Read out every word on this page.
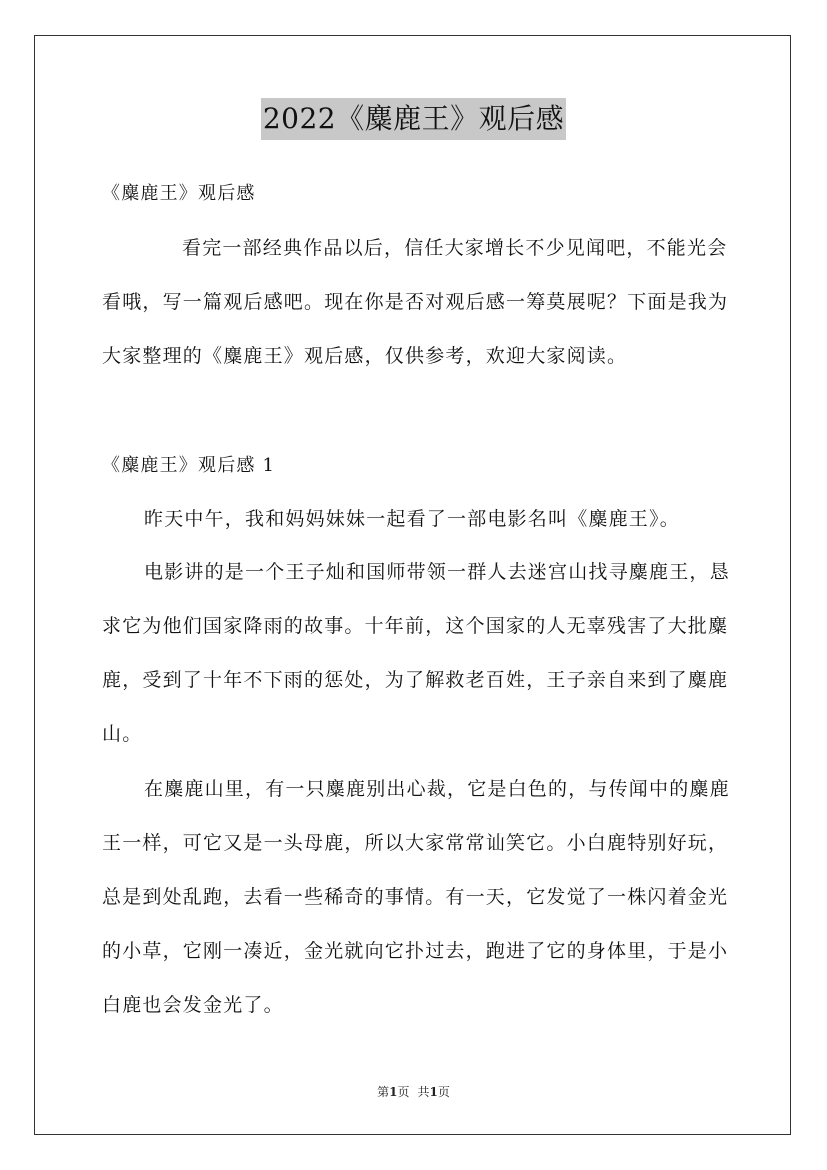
2022《麋鹿王》观后感

《麋鹿王》观后感

看完一部经典作品以后，信任大家增长不少见闻吧，不能光会看哦，写一篇观后感吧。现在你是否对观后感一筹莫展呢？下面是我为大家整理的《麋鹿王》观后感，仅供参考，欢迎大家阅读。

《麋鹿王》观后感 1

昨天中午，我和妈妈妹妹一起看了一部电影名叫《麋鹿王》。

电影讲的是一个王子灿和国师带领一群人去迷宫山找寻麋鹿王，恳求它为他们国家降雨的故事。十年前，这个国家的人无辜残害了大批麋鹿，受到了十年不下雨的惩处，为了解救老百姓，王子亲自来到了麋鹿山。

在麋鹿山里，有一只麋鹿别出心裁，它是白色的，与传闻中的麋鹿王一样，可它又是一头母鹿，所以大家常常讪笑它。小白鹿特别好玩，总是到处乱跑，去看一些稀奇的事情。有一天，它发觉了一株闪着金光的小草，它刚一凑近，金光就向它扑过去，跑进了它的身体里，于是小白鹿也会发金光了。

第1页 共1页
